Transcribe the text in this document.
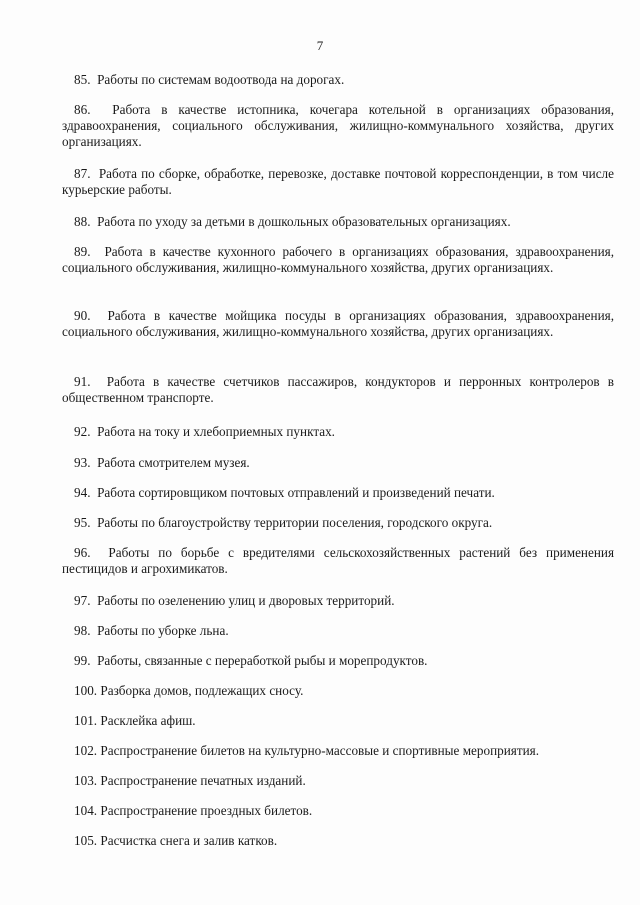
7
85. Работы по системам водоотвода на дорогах.
86. Работа в качестве истопника, кочегара котельной в организациях образования, здравоохранения, социального обслуживания, жилищно-коммунального хозяйства, других организациях.
87. Работа по сборке, обработке, перевозке, доставке почтовой корреспонденции, в том числе курьерские работы.
88. Работа по уходу за детьми в дошкольных образовательных организациях.
89. Работа в качестве кухонного рабочего в организациях образования, здравоохранения, социального обслуживания, жилищно-коммунального хозяйства, других организациях.
90. Работа в качестве мойщика посуды в организациях образования, здравоохранения, социального обслуживания, жилищно-коммунального хозяйства, других организациях.
91. Работа в качестве счетчиков пассажиров, кондукторов и перронных контролеров в общественном транспорте.
92. Работа на току и хлебоприемных пунктах.
93. Работа смотрителем музея.
94. Работа сортировщиком почтовых отправлений и произведений печати.
95. Работы по благоустройству территории поселения, городского округа.
96. Работы по борьбе с вредителями сельскохозяйственных растений без применения пестицидов и агрохимикатов.
97. Работы по озеленению улиц и дворовых территорий.
98. Работы по уборке льна.
99. Работы, связанные с переработкой рыбы и морепродуктов.
100. Разборка домов, подлежащих сносу.
101. Расклейка афиш.
102. Распространение билетов на культурно-массовые и спортивные мероприятия.
103. Распространение печатных изданий.
104. Распространение проездных билетов.
105. Расчистка снега и залив катков.
